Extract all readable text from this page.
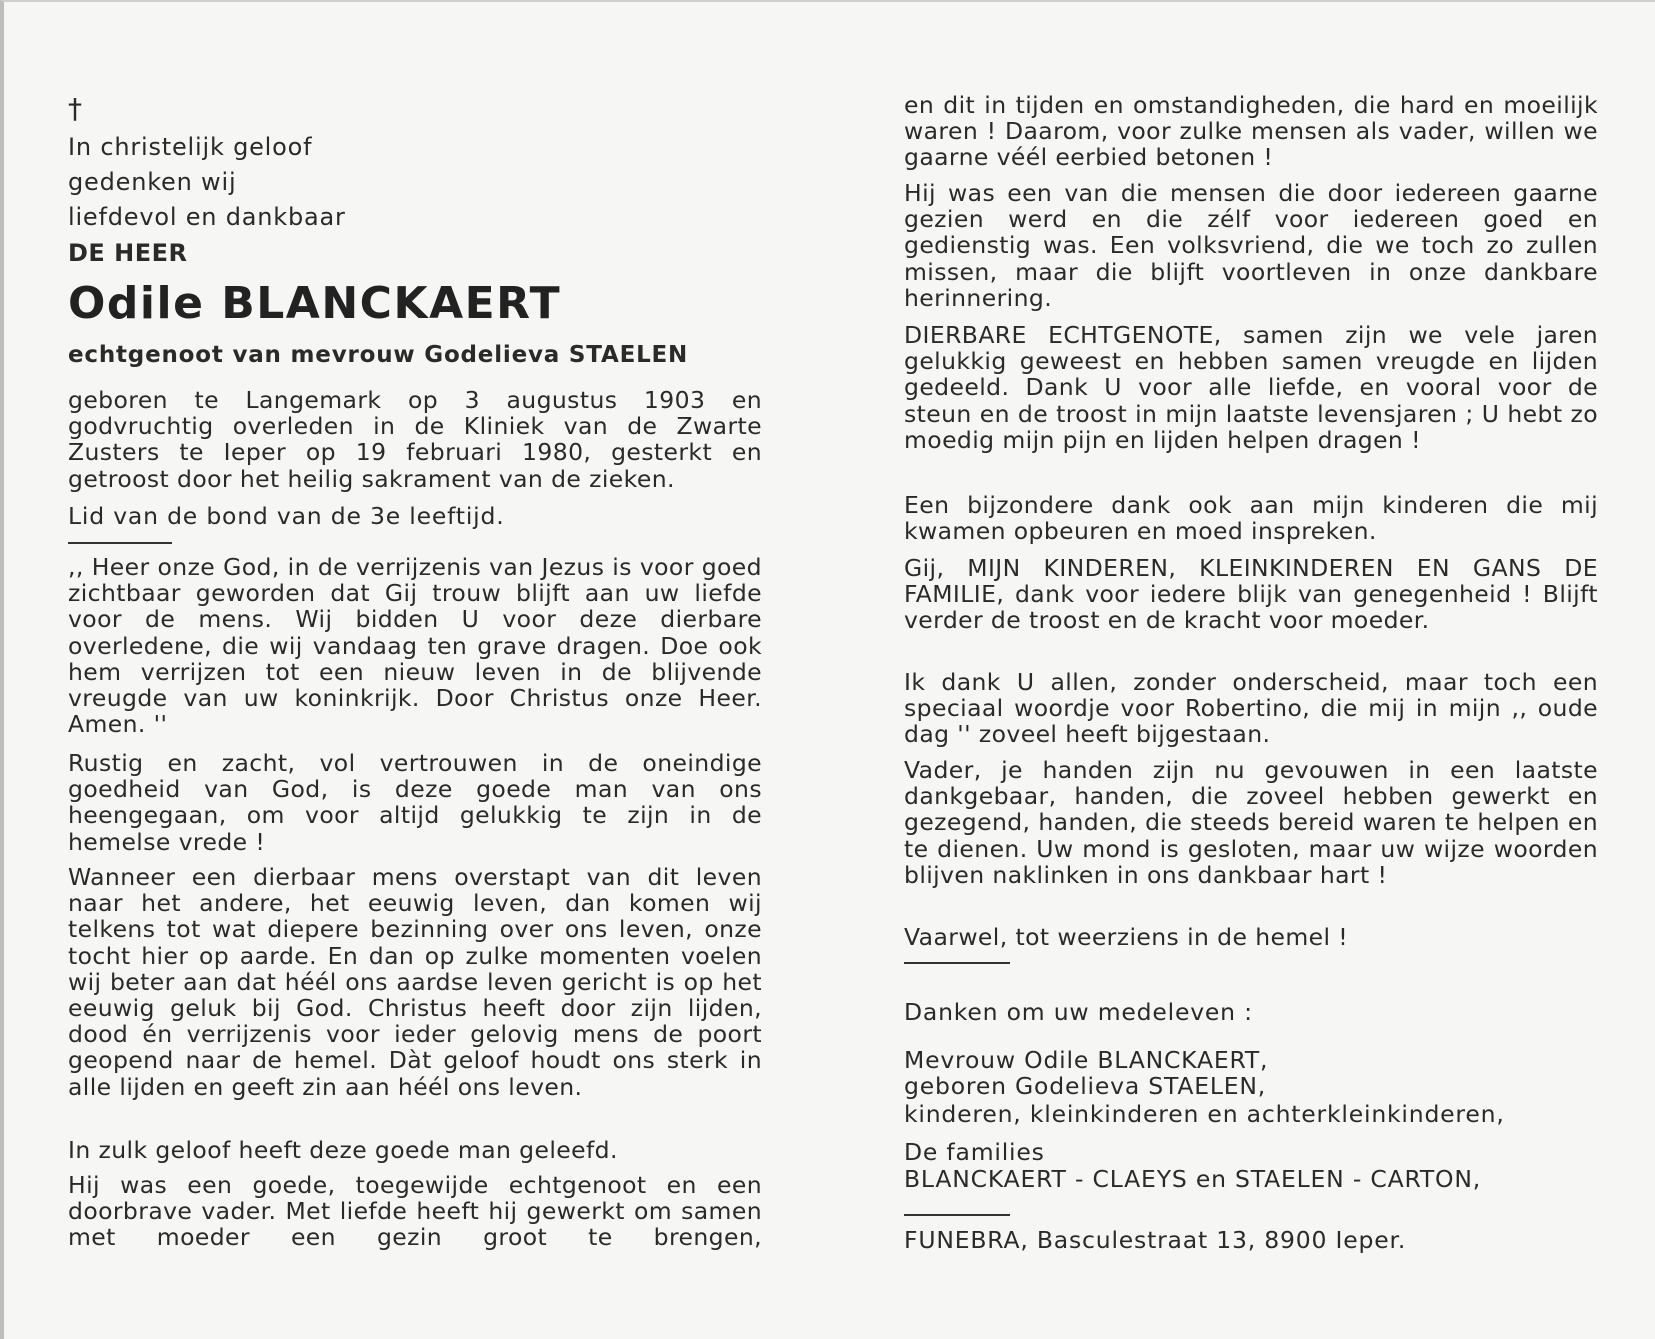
†
In christelijk geloof
gedenken wij
liefdevol en dankbaar
DE HEER
Odile BLANCKAERT
echtgenoot van mevrouw Godelieva STAELEN

geboren te Langemark op 3 augustus 1903 en godvruchtig overleden in de Kliniek van de Zwarte Zusters te Ieper op 19 februari 1980, gesterkt en getroost door het heilig sakrament van de zieken.

Lid van de bond van de 3e leeftijd.

,, Heer onze God, in de verrijzenis van Jezus is voor goed zichtbaar geworden dat Gij trouw blijft aan uw liefde voor de mens. Wij bidden U voor deze dierbare overledene, die wij vandaag ten grave dragen. Doe ook hem verrijzen tot een nieuw leven in de blijvende vreugde van uw koninkrijk. Door Christus onze Heer. Amen. ''

Rustig en zacht, vol vertrouwen in de oneindige goedheid van God, is deze goede man van ons heengegaan, om voor altijd gelukkig te zijn in de hemelse vrede !

Wanneer een dierbaar mens overstapt van dit leven naar het andere, het eeuwig leven, dan komen wij telkens tot wat diepere bezinning over ons leven, onze tocht hier op aarde. En dan op zulke momenten voelen wij beter aan dat héél ons aardse leven gericht is op het eeuwig geluk bij God. Christus heeft door zijn lijden, dood én verrijzenis voor ieder gelovig mens de poort geopend naar de hemel. Dàt geloof houdt ons sterk in alle lijden en geeft zin aan héél ons leven.

In zulk geloof heeft deze goede man geleefd.

Hij was een goede, toegewijde echtgenoot en een doorbrave vader. Met liefde heeft hij gewerkt om samen met moeder een gezin groot te brengen,

en dit in tijden en omstandigheden, die hard en moeilijk waren ! Daarom, voor zulke mensen als vader, willen we gaarne véél eerbied betonen !

Hij was een van die mensen die door iedereen gaarne gezien werd en die zélf voor iedereen goed en gedienstig was. Een volksvriend, die we toch zo zullen missen, maar die blijft voortleven in onze dankbare herinnering.

DIERBARE ECHTGENOTE, samen zijn we vele jaren gelukkig geweest en hebben samen vreugde en lijden gedeeld. Dank U voor alle liefde, en vooral voor de steun en de troost in mijn laatste levensjaren ; U hebt zo moedig mijn pijn en lijden helpen dragen !

Een bijzondere dank ook aan mijn kinderen die mij kwamen opbeuren en moed inspreken.

Gij, MIJN KINDEREN, KLEINKINDEREN EN GANS DE FAMILIE, dank voor iedere blijk van genegenheid ! Blijft verder de troost en de kracht voor moeder.

Ik dank U allen, zonder onderscheid, maar toch een speciaal woordje voor Robertino, die mij in mijn ,, oude dag '' zoveel heeft bijgestaan.

Vader, je handen zijn nu gevouwen in een laatste dankgebaar, handen, die zoveel hebben gewerkt en gezegend, handen, die steeds bereid waren te helpen en te dienen. Uw mond is gesloten, maar uw wijze woorden blijven naklinken in ons dankbaar hart !

Vaarwel, tot weerziens in de hemel !

Danken om uw medeleven :
Mevrouw Odile BLANCKAERT,
geboren Godelieva STAELEN,
kinderen, kleinkinderen en achterkleinkinderen,
De families
BLANCKAERT - CLAEYS en STAELEN - CARTON,
FUNEBRA, Basculestraat 13, 8900 Ieper.
